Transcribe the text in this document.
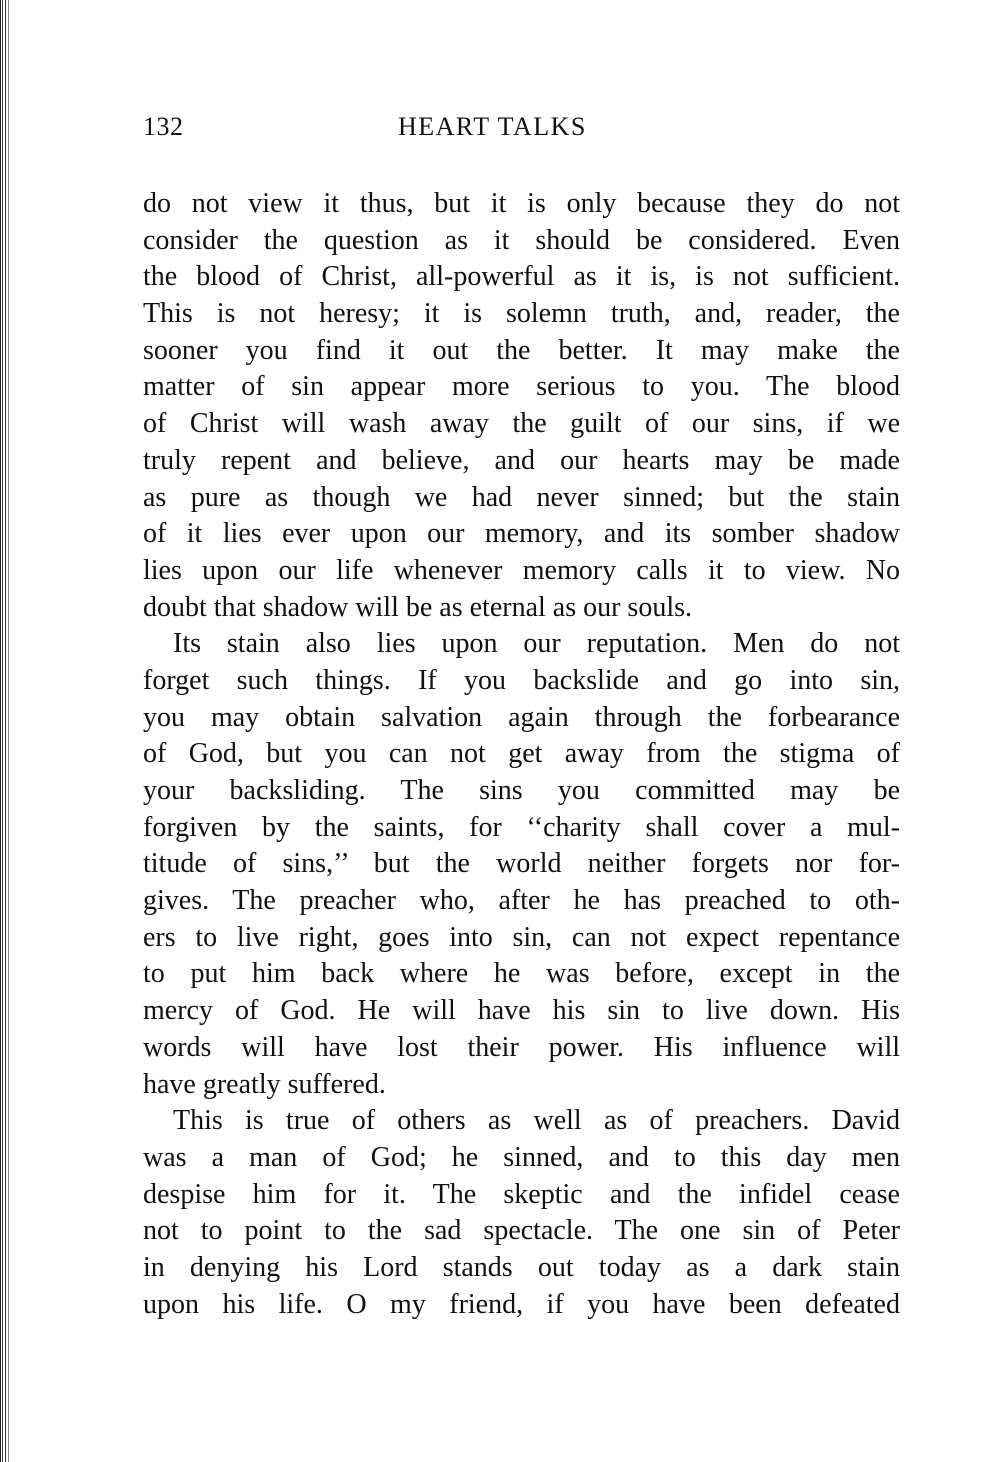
132	HEART TALKS
do not view it thus, but it is only because they do not
consider the question as it should be considered. Even
the blood of Christ, all-powerful as it is, is not sufficient.
This is not heresy; it is solemn truth, and, reader, the
sooner you find it out the better. It may make the
matter of sin appear more serious to you. The blood
of Christ will wash away the guilt of our sins, if we
truly repent and believe, and our hearts may be made
as pure as though we had never sinned; but the stain
of it lies ever upon our memory, and its somber shadow
lies upon our life whenever memory calls it to view. No
doubt that shadow will be as eternal as our souls.
Its stain also lies upon our reputation. Men do not
forget such things. If you backslide and go into sin,
you may obtain salvation again through the forbearance
of God, but you can not get away from the stigma of
your backsliding. The sins you committed may be
forgiven by the saints, for ‘‘charity shall cover a mul-
titude of sins,’’ but the world neither forgets nor for-
gives. The preacher who, after he has preached to oth-
ers to live right, goes into sin, can not expect repentance
to put him back where he was before, except in the
mercy of God. He will have his sin to live down. His
words will have lost their power. His influence will
have greatly suffered.
This is true of others as well as of preachers. David
was a man of God; he sinned, and to this day men
despise him for it. The skeptic and the infidel cease
not to point to the sad spectacle. The one sin of Peter
in denying his Lord stands out today as a dark stain
upon his life. O my friend, if you have been defeated
